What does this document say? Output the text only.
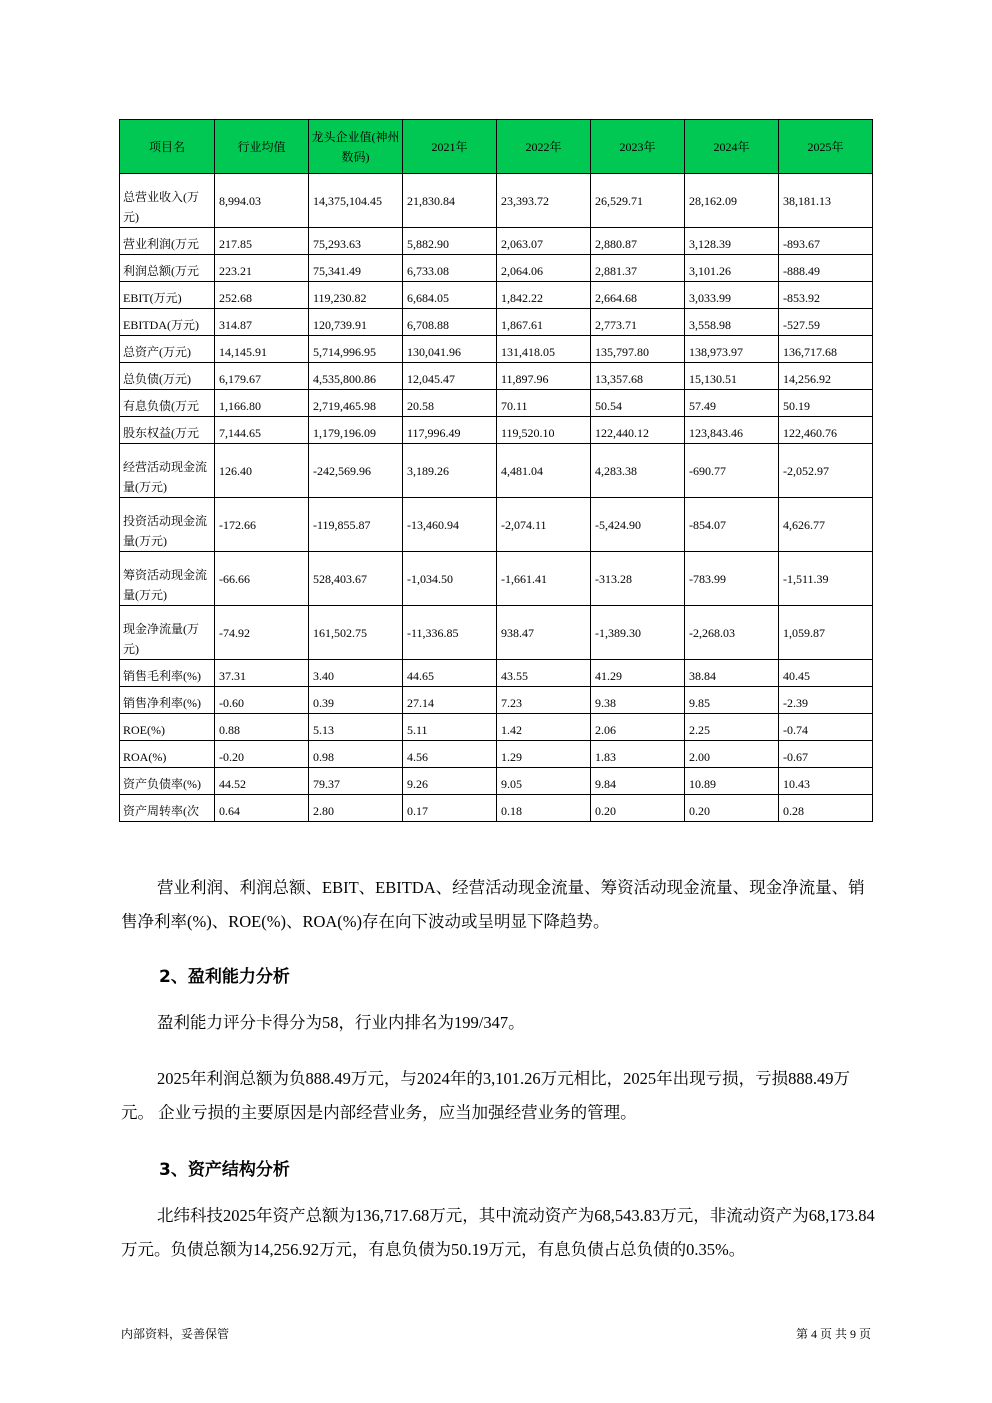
项目名	行业均值	龙头企业值(神州数码)	2021年	2022年	2023年	2024年	2025年
总营业收入(万元)	8,994.03	14,375,104.45	21,830.84	23,393.72	26,529.71	28,162.09	38,181.13
营业利润(万元	217.85	75,293.63	5,882.90	2,063.07	2,880.87	3,128.39	-893.67
利润总额(万元	223.21	75,341.49	6,733.08	2,064.06	2,881.37	3,101.26	-888.49
EBIT(万元)	252.68	119,230.82	6,684.05	1,842.22	2,664.68	3,033.99	-853.92
EBITDA(万元)	314.87	120,739.91	6,708.88	1,867.61	2,773.71	3,558.98	-527.59
总资产(万元)	14,145.91	5,714,996.95	130,041.96	131,418.05	135,797.80	138,973.97	136,717.68
总负债(万元)	6,179.67	4,535,800.86	12,045.47	11,897.96	13,357.68	15,130.51	14,256.92
有息负债(万元	1,166.80	2,719,465.98	20.58	70.11	50.54	57.49	50.19
股东权益(万元	7,144.65	1,179,196.09	117,996.49	119,520.10	122,440.12	123,843.46	122,460.76
经营活动现金流量(万元)	126.40	-242,569.96	3,189.26	4,481.04	4,283.38	-690.77	-2,052.97
投资活动现金流量(万元)	-172.66	-119,855.87	-13,460.94	-2,074.11	-5,424.90	-854.07	4,626.77
筹资活动现金流量(万元)	-66.66	528,403.67	-1,034.50	-1,661.41	-313.28	-783.99	-1,511.39
现金净流量(万元)	-74.92	161,502.75	-11,336.85	938.47	-1,389.30	-2,268.03	1,059.87
销售毛利率(%)	37.31	3.40	44.65	43.55	41.29	38.84	40.45
销售净利率(%)	-0.60	0.39	27.14	7.23	9.38	9.85	-2.39
ROE(%)	0.88	5.13	5.11	1.42	2.06	2.25	-0.74
ROA(%)	-0.20	0.98	4.56	1.29	1.83	2.00	-0.67
资产负债率(%)	44.52	79.37	9.26	9.05	9.84	10.89	10.43
资产周转率(次	0.64	2.80	0.17	0.18	0.20	0.20	0.28

营业利润、利润总额、EBIT、EBITDA、经营活动现金流量、筹资活动现金流量、现金净流量、销售净利率(%)、ROE(%)、ROA(%)存在向下波动或呈明显下降趋势。

2、盈利能力分析

盈利能力评分卡得分为58，行业内排名为199/347。

2025年利润总额为负888.49万元，与2024年的3,101.26万元相比，2025年出现亏损，亏损888.49万元。 企业亏损的主要原因是内部经营业务，应当加强经营业务的管理。

3、资产结构分析

北纬科技2025年资产总额为136,717.68万元，其中流动资产为68,543.83万元，非流动资产为68,173.84万元。负债总额为14,256.92万元，有息负债为50.19万元，有息负债占总负债的0.35%。

内部资料，妥善保管	第 4 页 共 9 页
